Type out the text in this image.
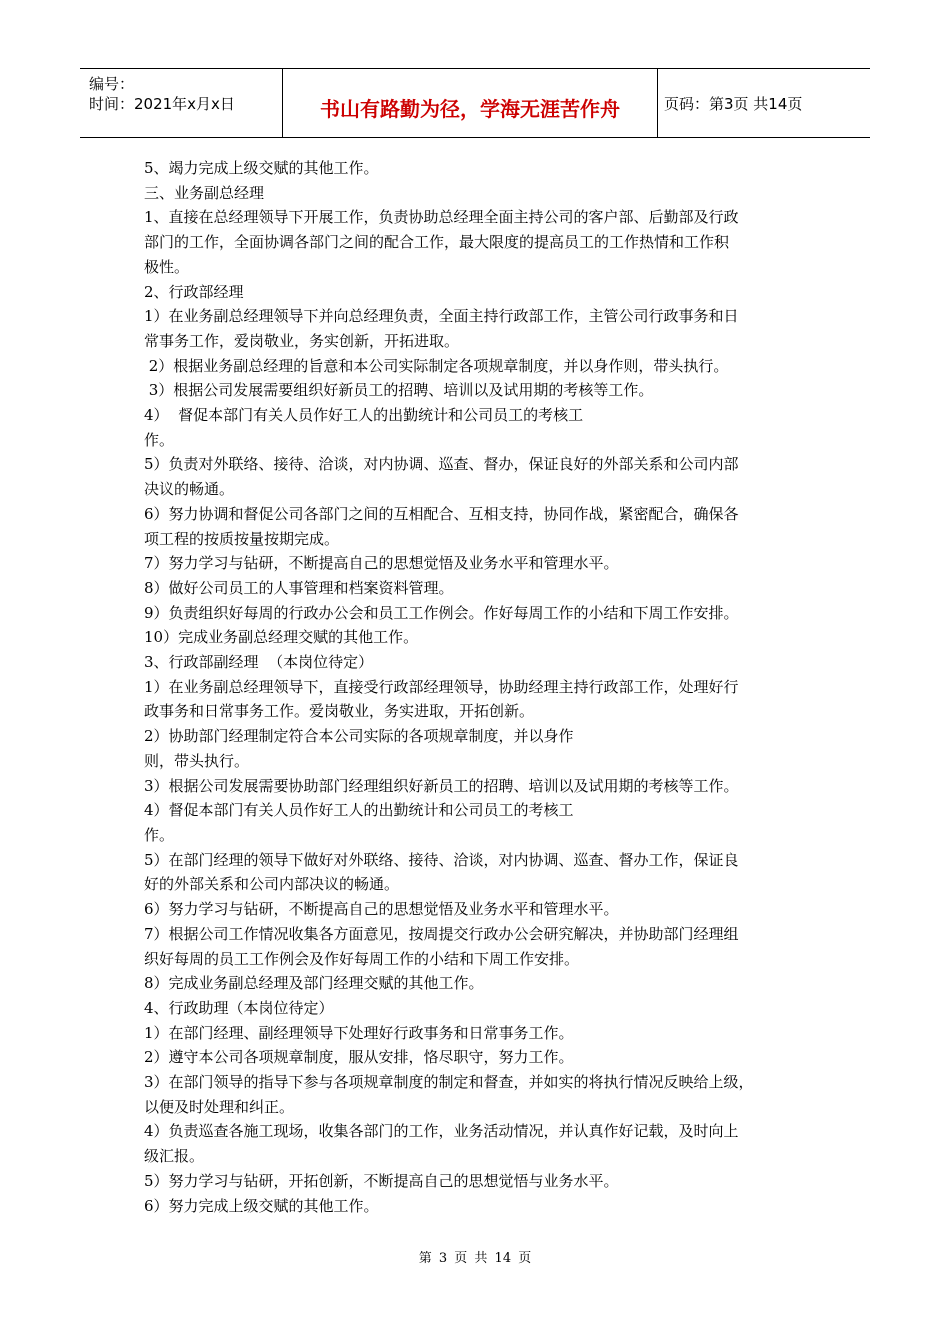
编号：
时间：2021年x月x日	书山有路勤为径，学海无涯苦作舟	页码：第3页 共14页

5、竭力完成上级交赋的其他工作。

三、业务副总经理

1、直接在总经理领导下开展工作，负责协助总经理全面主持公司的客户部、后勤部及行政

部门的工作，全面协调各部门之间的配合工作，最大限度的提高员工的工作热情和工作积

极性。

2、行政部经理

1）在业务副总经理领导下并向总经理负责，全面主持行政部工作，主管公司行政事务和日

常事务工作，爱岗敬业，务实创新，开拓进取。

2）根据业务副总经理的旨意和本公司实际制定各项规章制度，并以身作则，带头执行。

3）根据公司发展需要组织好新员工的招聘、培训以及试用期的考核等工作。

4）  督促本部门有关人员作好工人的出勤统计和公司员工的考核工

作。

5）负责对外联络、接待、洽谈，对内协调、巡查、督办，保证良好的外部关系和公司内部

决议的畅通。

6）努力协调和督促公司各部门之间的互相配合、互相支持，协同作战，紧密配合，确保各

项工程的按质按量按期完成。

7）努力学习与钻研，不断提高自己的思想觉悟及业务水平和管理水平。

8）做好公司员工的人事管理和档案资料管理。

9）负责组织好每周的行政办公会和员工工作例会。作好每周工作的小结和下周工作安排。

10）完成业务副总经理交赋的其他工作。

3、行政部副经理  （本岗位待定）

1）在业务副总经理领导下，直接受行政部经理领导，协助经理主持行政部工作，处理好行

政事务和日常事务工作。爱岗敬业，务实进取，开拓创新。

2）协助部门经理制定符合本公司实际的各项规章制度，并以身作

则，带头执行。

3）根据公司发展需要协助部门经理组织好新员工的招聘、培训以及试用期的考核等工作。

4）督促本部门有关人员作好工人的出勤统计和公司员工的考核工

作。

5）在部门经理的领导下做好对外联络、接待、洽谈，对内协调、巡查、督办工作，保证良

好的外部关系和公司内部决议的畅通。

6）努力学习与钻研，不断提高自己的思想觉悟及业务水平和管理水平。

7）根据公司工作情况收集各方面意见，按周提交行政办公会研究解决，并协助部门经理组

织好每周的员工工作例会及作好每周工作的小结和下周工作安排。

8）完成业务副总经理及部门经理交赋的其他工作。

4、行政助理（本岗位待定）

1）在部门经理、副经理领导下处理好行政事务和日常事务工作。

2）遵守本公司各项规章制度，服从安排，恪尽职守，努力工作。

3）在部门领导的指导下参与各项规章制度的制定和督查，并如实的将执行情况反映给上级，

以便及时处理和纠正。

4）负责巡查各施工现场，收集各部门的工作，业务活动情况，并认真作好记载，及时向上

级汇报。

5）努力学习与钻研，开拓创新，不断提高自己的思想觉悟与业务水平。

6）努力完成上级交赋的其他工作。

第 3 页 共 14 页
